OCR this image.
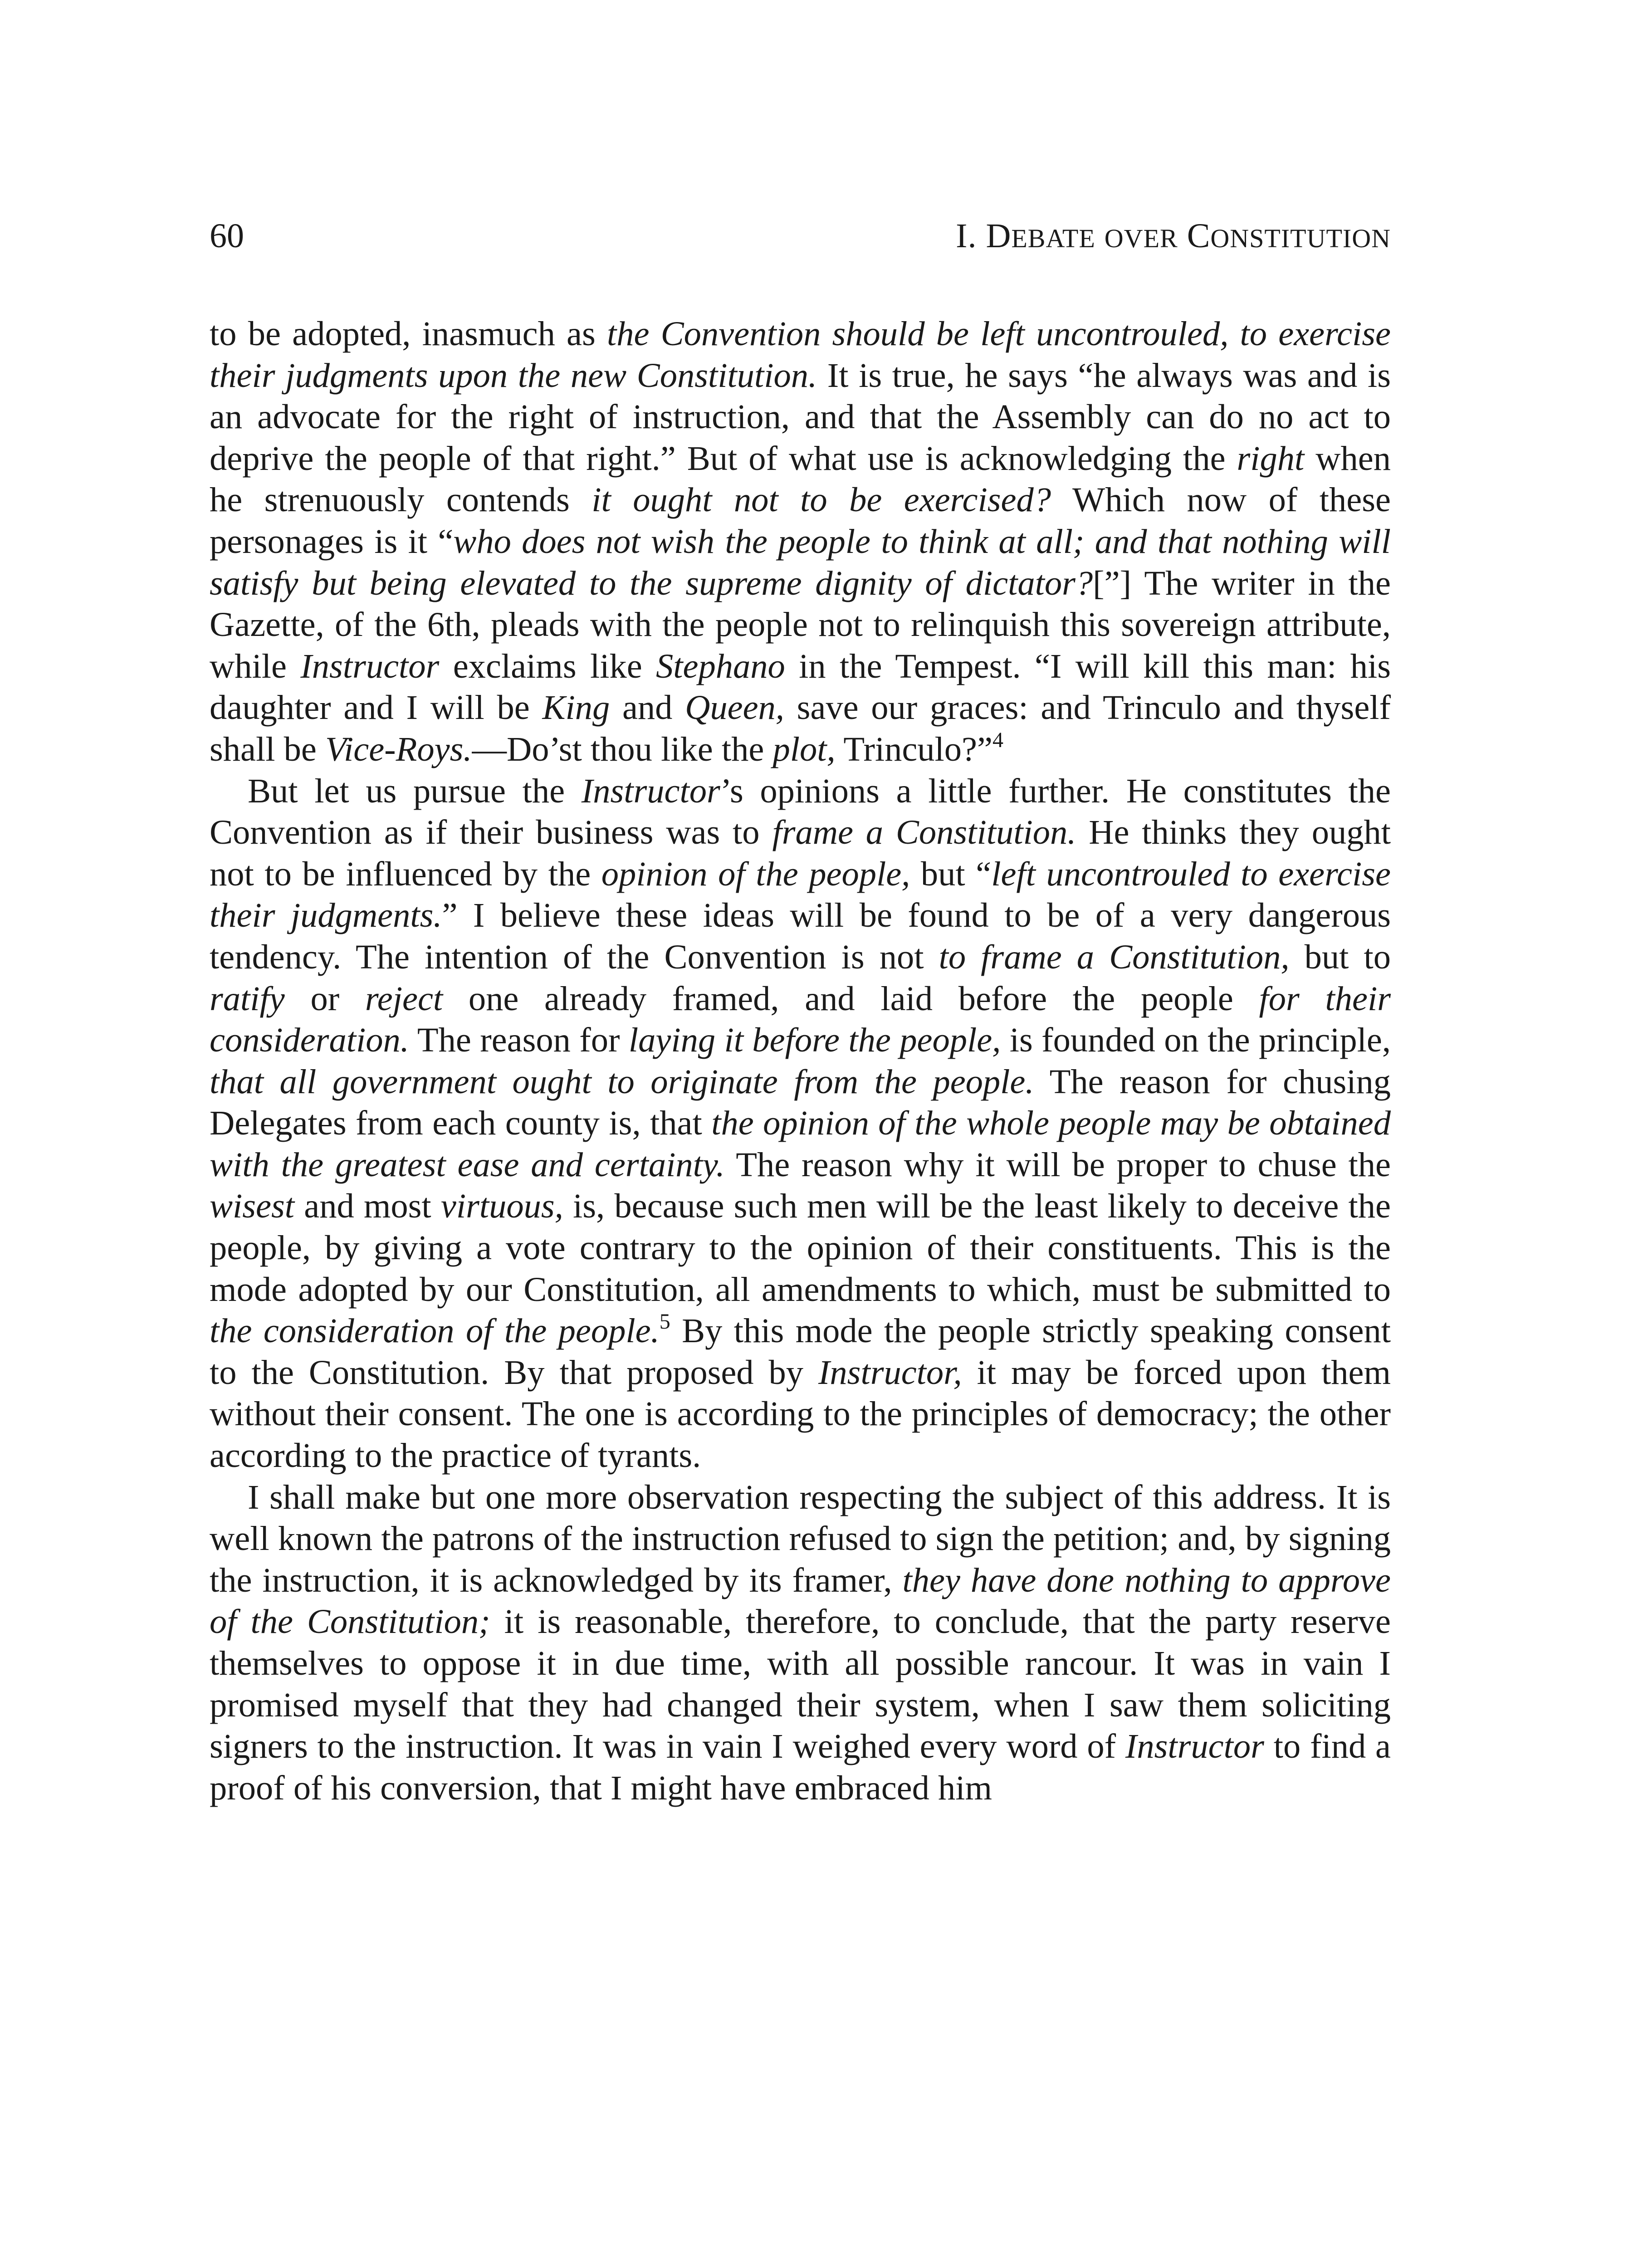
60	I. DEBATE OVER CONSTITUTION

to be adopted, inasmuch as the Convention should be left uncontrouled, to exercise their judgments upon the new Constitution. It is true, he says “he always was and is an advocate for the right of instruction, and that the Assembly can do no act to deprive the people of that right.” But of what use is acknowledging the right when he strenuously contends it ought not to be exercised? Which now of these personages is it “who does not wish the people to think at all; and that nothing will satisfy but being elevated to the supreme dignity of dictator?[”] The writer in the Gazette, of the 6th, pleads with the people not to relinquish this sovereign attribute, while Instructor exclaims like Stephano in the Tempest. “I will kill this man: his daughter and I will be King and Queen, save our graces: and Trinculo and thyself shall be Vice-Roys.—Do’st thou like the plot, Trinculo?”$^4$

But let us pursue the Instructor’s opinions a little further. He constitutes the Convention as if their business was to frame a Constitution. He thinks they ought not to be influenced by the opinion of the people, but “left uncontrouled to exercise their judgments.” I believe these ideas will be found to be of a very dangerous tendency. The intention of the Convention is not to frame a Constitution, but to ratify or reject one already framed, and laid before the people for their consideration. The reason for laying it before the people, is founded on the principle, that all government ought to originate from the people. The reason for chusing Delegates from each county is, that the opinion of the whole people may be obtained with the greatest ease and certainty. The reason why it will be proper to chuse the wisest and most virtuous, is, because such men will be the least likely to deceive the people, by giving a vote contrary to the opinion of their constituents. This is the mode adopted by our Constitution, all amendments to which, must be submitted to the consideration of the people.$^5$ By this mode the people strictly speaking consent to the Constitution. By that proposed by Instructor, it may be forced upon them without their consent. The one is according to the principles of democracy; the other according to the practice of tyrants.

I shall make but one more observation respecting the subject of this address. It is well known the patrons of the instruction refused to sign the petition; and, by signing the instruction, it is acknowledged by its framer, they have done nothing to approve of the Constitution; it is reasonable, therefore, to conclude, that the party reserve themselves to oppose it in due time, with all possible rancour. It was in vain I promised myself that they had changed their system, when I saw them soliciting signers to the instruction. It was in vain I weighed every word of Instructor to find a proof of his conversion, that I might have embraced him
